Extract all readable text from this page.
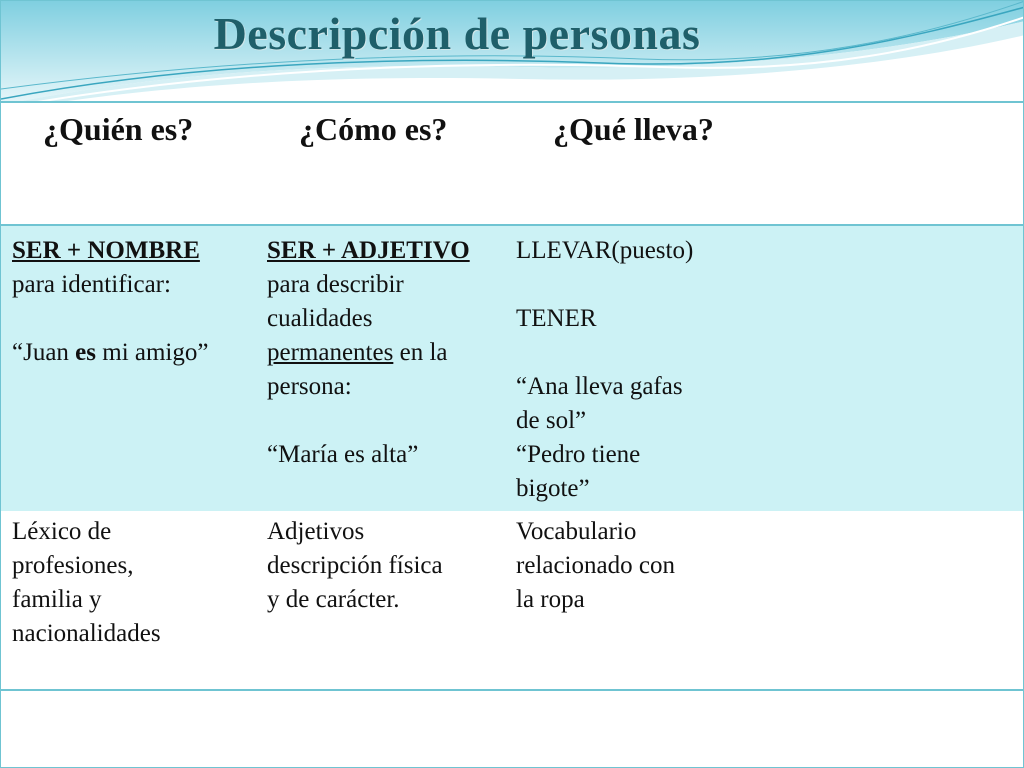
Descripción de personas
¿Quién es?	¿Cómo es?	¿Qué lleva?
SER + NOMBRE
para identificar:
“Juan es mi amigo”
SER + ADJETIVO
para describir
cualidades
permanentes en la
persona:
“María es alta”
LLEVAR(puesto)
TENER
“Ana lleva gafas
de sol”
“Pedro tiene
bigote”
Léxico de
profesiones,
familia y
nacionalidades
Adjetivos
descripción física
y de carácter.
Vocabulario
relacionado con
la ropa
